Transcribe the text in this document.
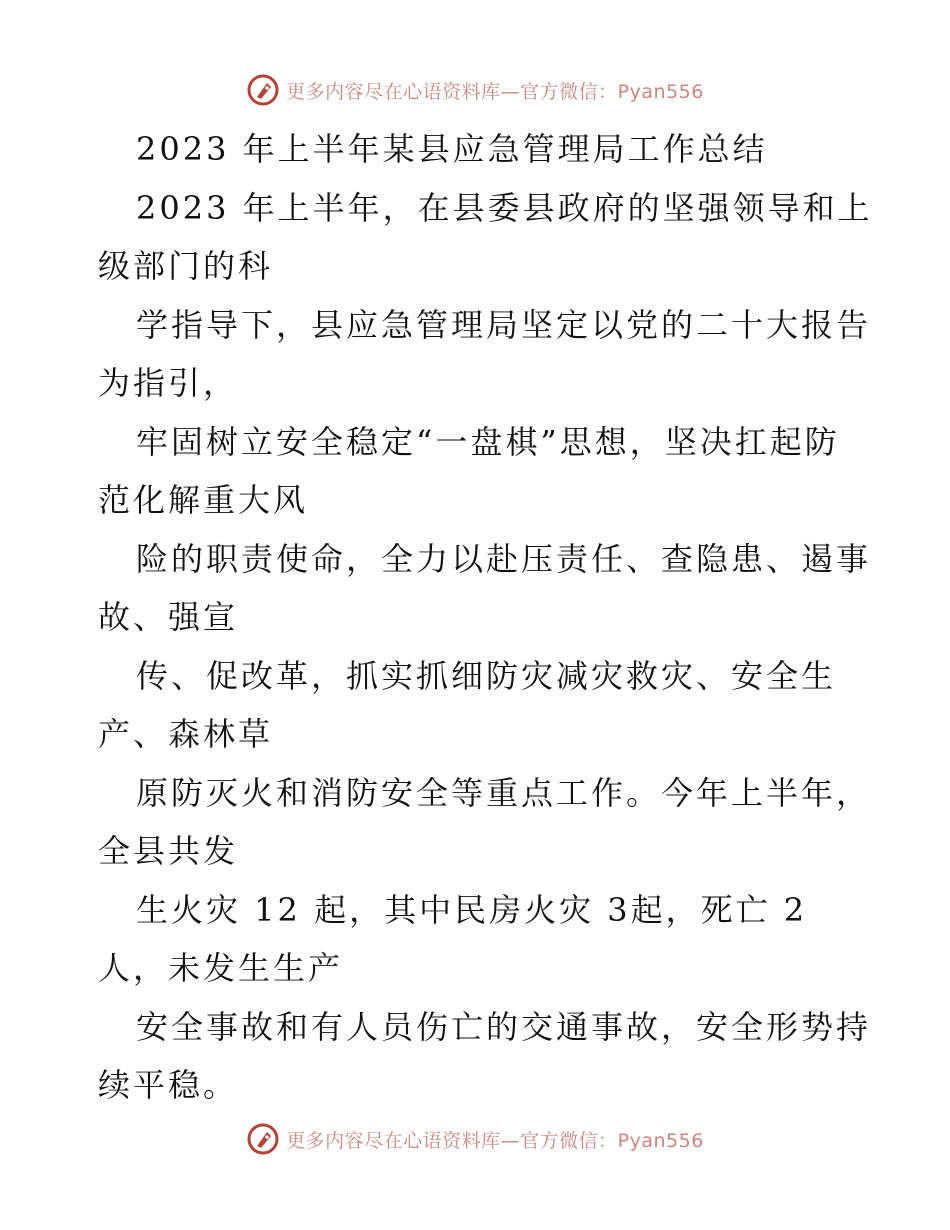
更多内容尽在心语资料库—官方微信：Pyan556
2023 年上半年某县应急管理局工作总结
2023 年上半年，在县委县政府的坚强领导和上
级部门的科
学指导下，县应急管理局坚定以党的二十大报告
为指引，
牢固树立安全稳定“一盘棋”思想，坚决扛起防
范化解重大风
险的职责使命，全力以赴压责任、查隐患、遏事
故、强宣
传、促改革，抓实抓细防灾减灾救灾、安全生
产、森林草
原防灭火和消防安全等重点工作。今年上半年，
全县共发
生火灾 12 起，其中民房火灾 3起，死亡 2
人，未发生生产
安全事故和有人员伤亡的交通事故，安全形势持
续平稳。
更多内容尽在心语资料库—官方微信：Pyan556
